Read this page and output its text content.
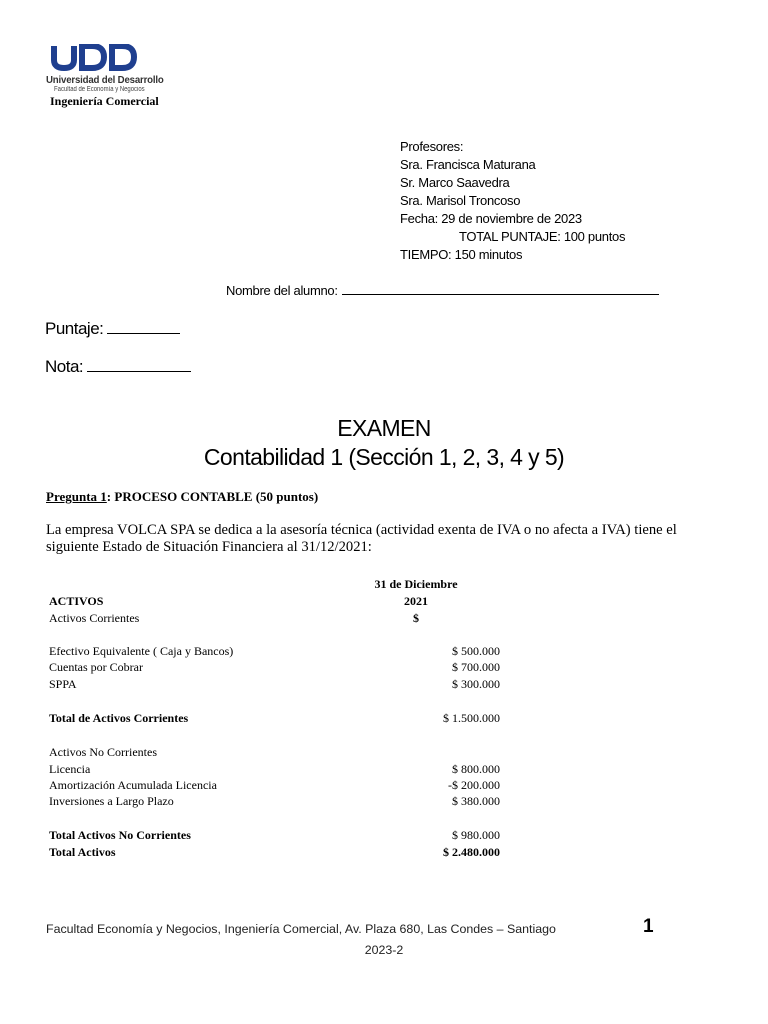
Universidad del Desarrollo
Facultad de Economía y Negocios
Ingeniería Comercial
Profesores:
Sra. Francisca Maturana
Sr. Marco Saavedra
Sra. Marisol Troncoso
Fecha: 29 de noviembre de 2023
TOTAL PUNTAJE: 100 puntos
TIEMPO: 150 minutos
Nombre del alumno:
Puntaje:
Nota:
EXAMEN
Contabilidad 1 (Sección 1, 2, 3, 4 y 5)
Pregunta 1: PROCESO CONTABLE (50 puntos)
La empresa VOLCA SPA se dedica a la asesoría técnica (actividad exenta de IVA o no afecta a IVA) tiene el siguiente Estado de Situación Financiera al 31/12/2021:
31 de Diciembre
2021
ACTIVOS
$
Activos Corrientes
Efectivo Equivalente ( Caja y Bancos)	$ 500.000
Cuentas por Cobrar	$ 700.000
SPPA	$ 300.000
Total de Activos Corrientes	$ 1.500.000
Activos No Corrientes
Licencia	$ 800.000
Amortización Acumulada Licencia	-$ 200.000
Inversiones a Largo Plazo	$ 380.000
Total Activos No Corrientes	$ 980.000
Total Activos	$ 2.480.000
Facultad Economía y Negocios, Ingeniería Comercial, Av. Plaza 680, Las Condes – Santiago	1
2023-2
